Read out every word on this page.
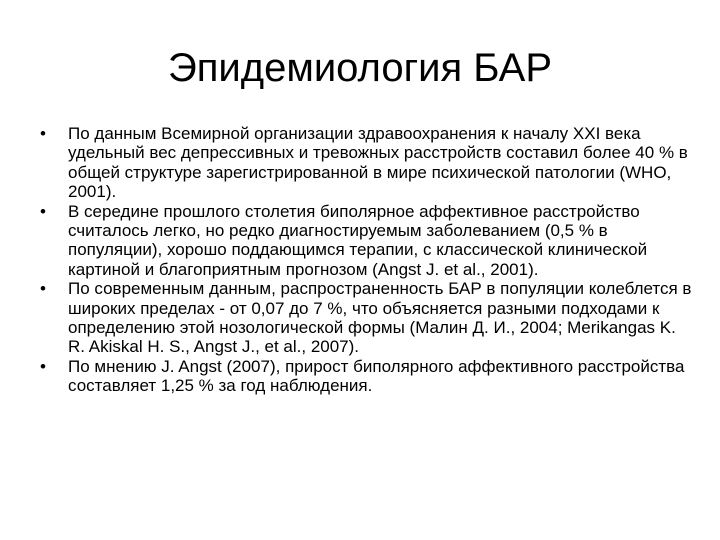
Эпидемиология БАР
• По данным Всемирной организации здравоохранения к началу XXI века удельный вес депрессивных и тревожных расстройств составил более 40 % в общей структуре зарегистрированной в мире психической патологии (WHO, 2001).
• В середине прошлого столетия биполярное аффективное расстройство считалось легко, но редко диагностируемым заболеванием (0,5 % в популяции), хорошо поддающимся терапии, с классической клинической картиной и благоприятным прогнозом (Angst J. et al., 2001).
• По современным данным, распространенность БАР в популяции колеблется в широких пределах - от 0,07 до 7 %, что объясняется разными подходами к определению этой нозологической формы (Малин Д. И., 2004; Merikangas K. R. Akiskal H. S., Angst J., et al., 2007).
• По мнению J. Angst (2007), прирост биполярного аффективного расстройства составляет 1,25 % за год наблюдения.
